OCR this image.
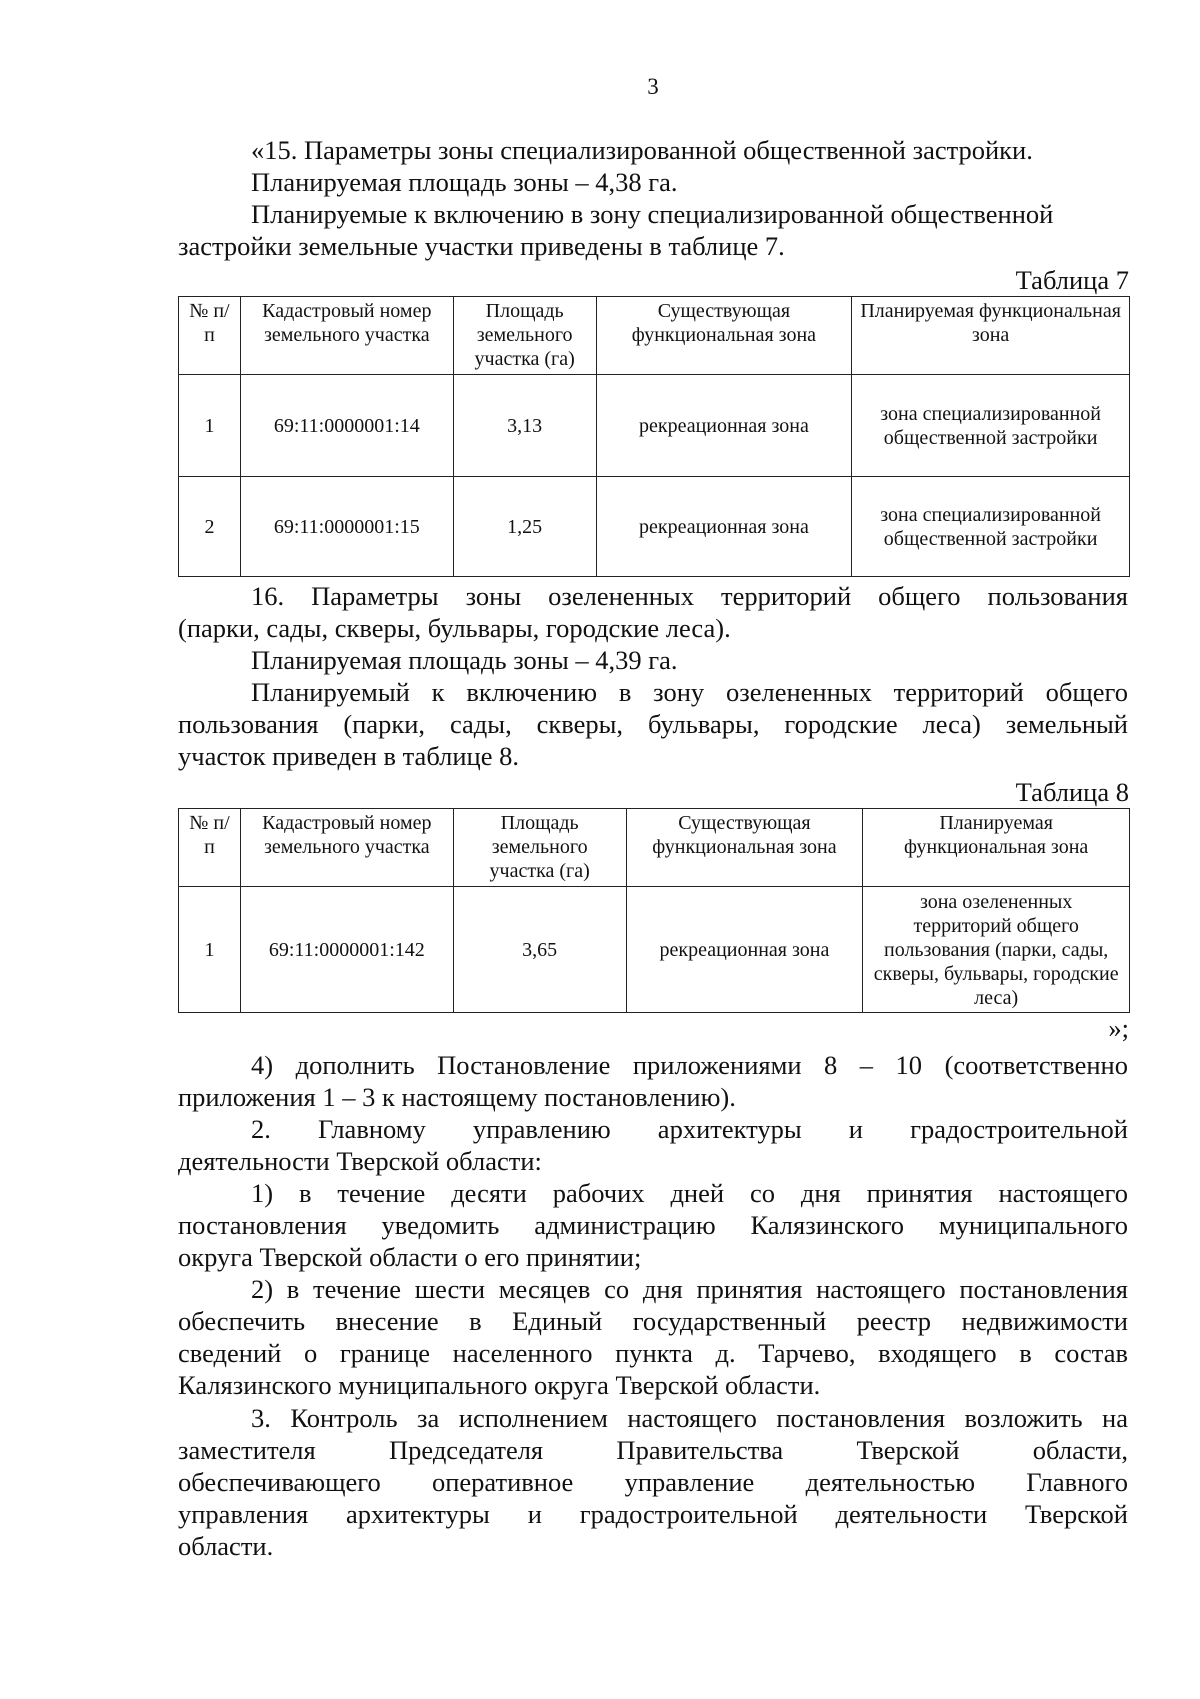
3
«15. Параметры зоны специализированной общественной застройки.
Планируемая площадь зоны – 4,38 га.
Планируемые к включению в зону специализированной общественной
застройки земельные участки приведены в таблице 7.
Таблица 7
№ п/п	Кадастровый номер земельного участка	Площадь земельного участка (га)	Существующая функциональная зона	Планируемая функциональная зона
1	69:11:0000001:14	3,13	рекреационная зона	зона специализированной общественной застройки
2	69:11:0000001:15	1,25	рекреационная зона	зона специализированной общественной застройки
16. Параметры зоны озелененных территорий общего пользования
(парки, сады, скверы, бульвары, городские леса).
Планируемая площадь зоны – 4,39 га.
Планируемый к включению в зону озелененных территорий общего
пользования (парки, сады, скверы, бульвары, городские леса) земельный
участок приведен в таблице 8.
Таблица 8
№ п/п	Кадастровый номер земельного участка	Площадь земельного участка (га)	Существующая функциональная зона	Планируемая функциональная зона
1	69:11:0000001:142	3,65	рекреационная зона	зона озелененных территорий общего пользования (парки, сады, скверы, бульвары, городские леса)
»;
4) дополнить Постановление приложениями 8 – 10 (соответственно
приложения 1 – 3 к настоящему постановлению).
2. Главному управлению архитектуры и градостроительной
деятельности Тверской области:
1) в течение десяти рабочих дней со дня принятия настоящего
постановления уведомить администрацию Калязинского муниципального
округа Тверской области о его принятии;
2) в течение шести месяцев со дня принятия настоящего постановления
обеспечить внесение в Единый государственный реестр недвижимости
сведений о границе населенного пункта д. Тарчево, входящего в состав
Калязинского муниципального округа Тверской области.
3. Контроль за исполнением настоящего постановления возложить на
заместителя Председателя Правительства Тверской области,
обеспечивающего оперативное управление деятельностью Главного
управления архитектуры и градостроительной деятельности Тверской
области.
